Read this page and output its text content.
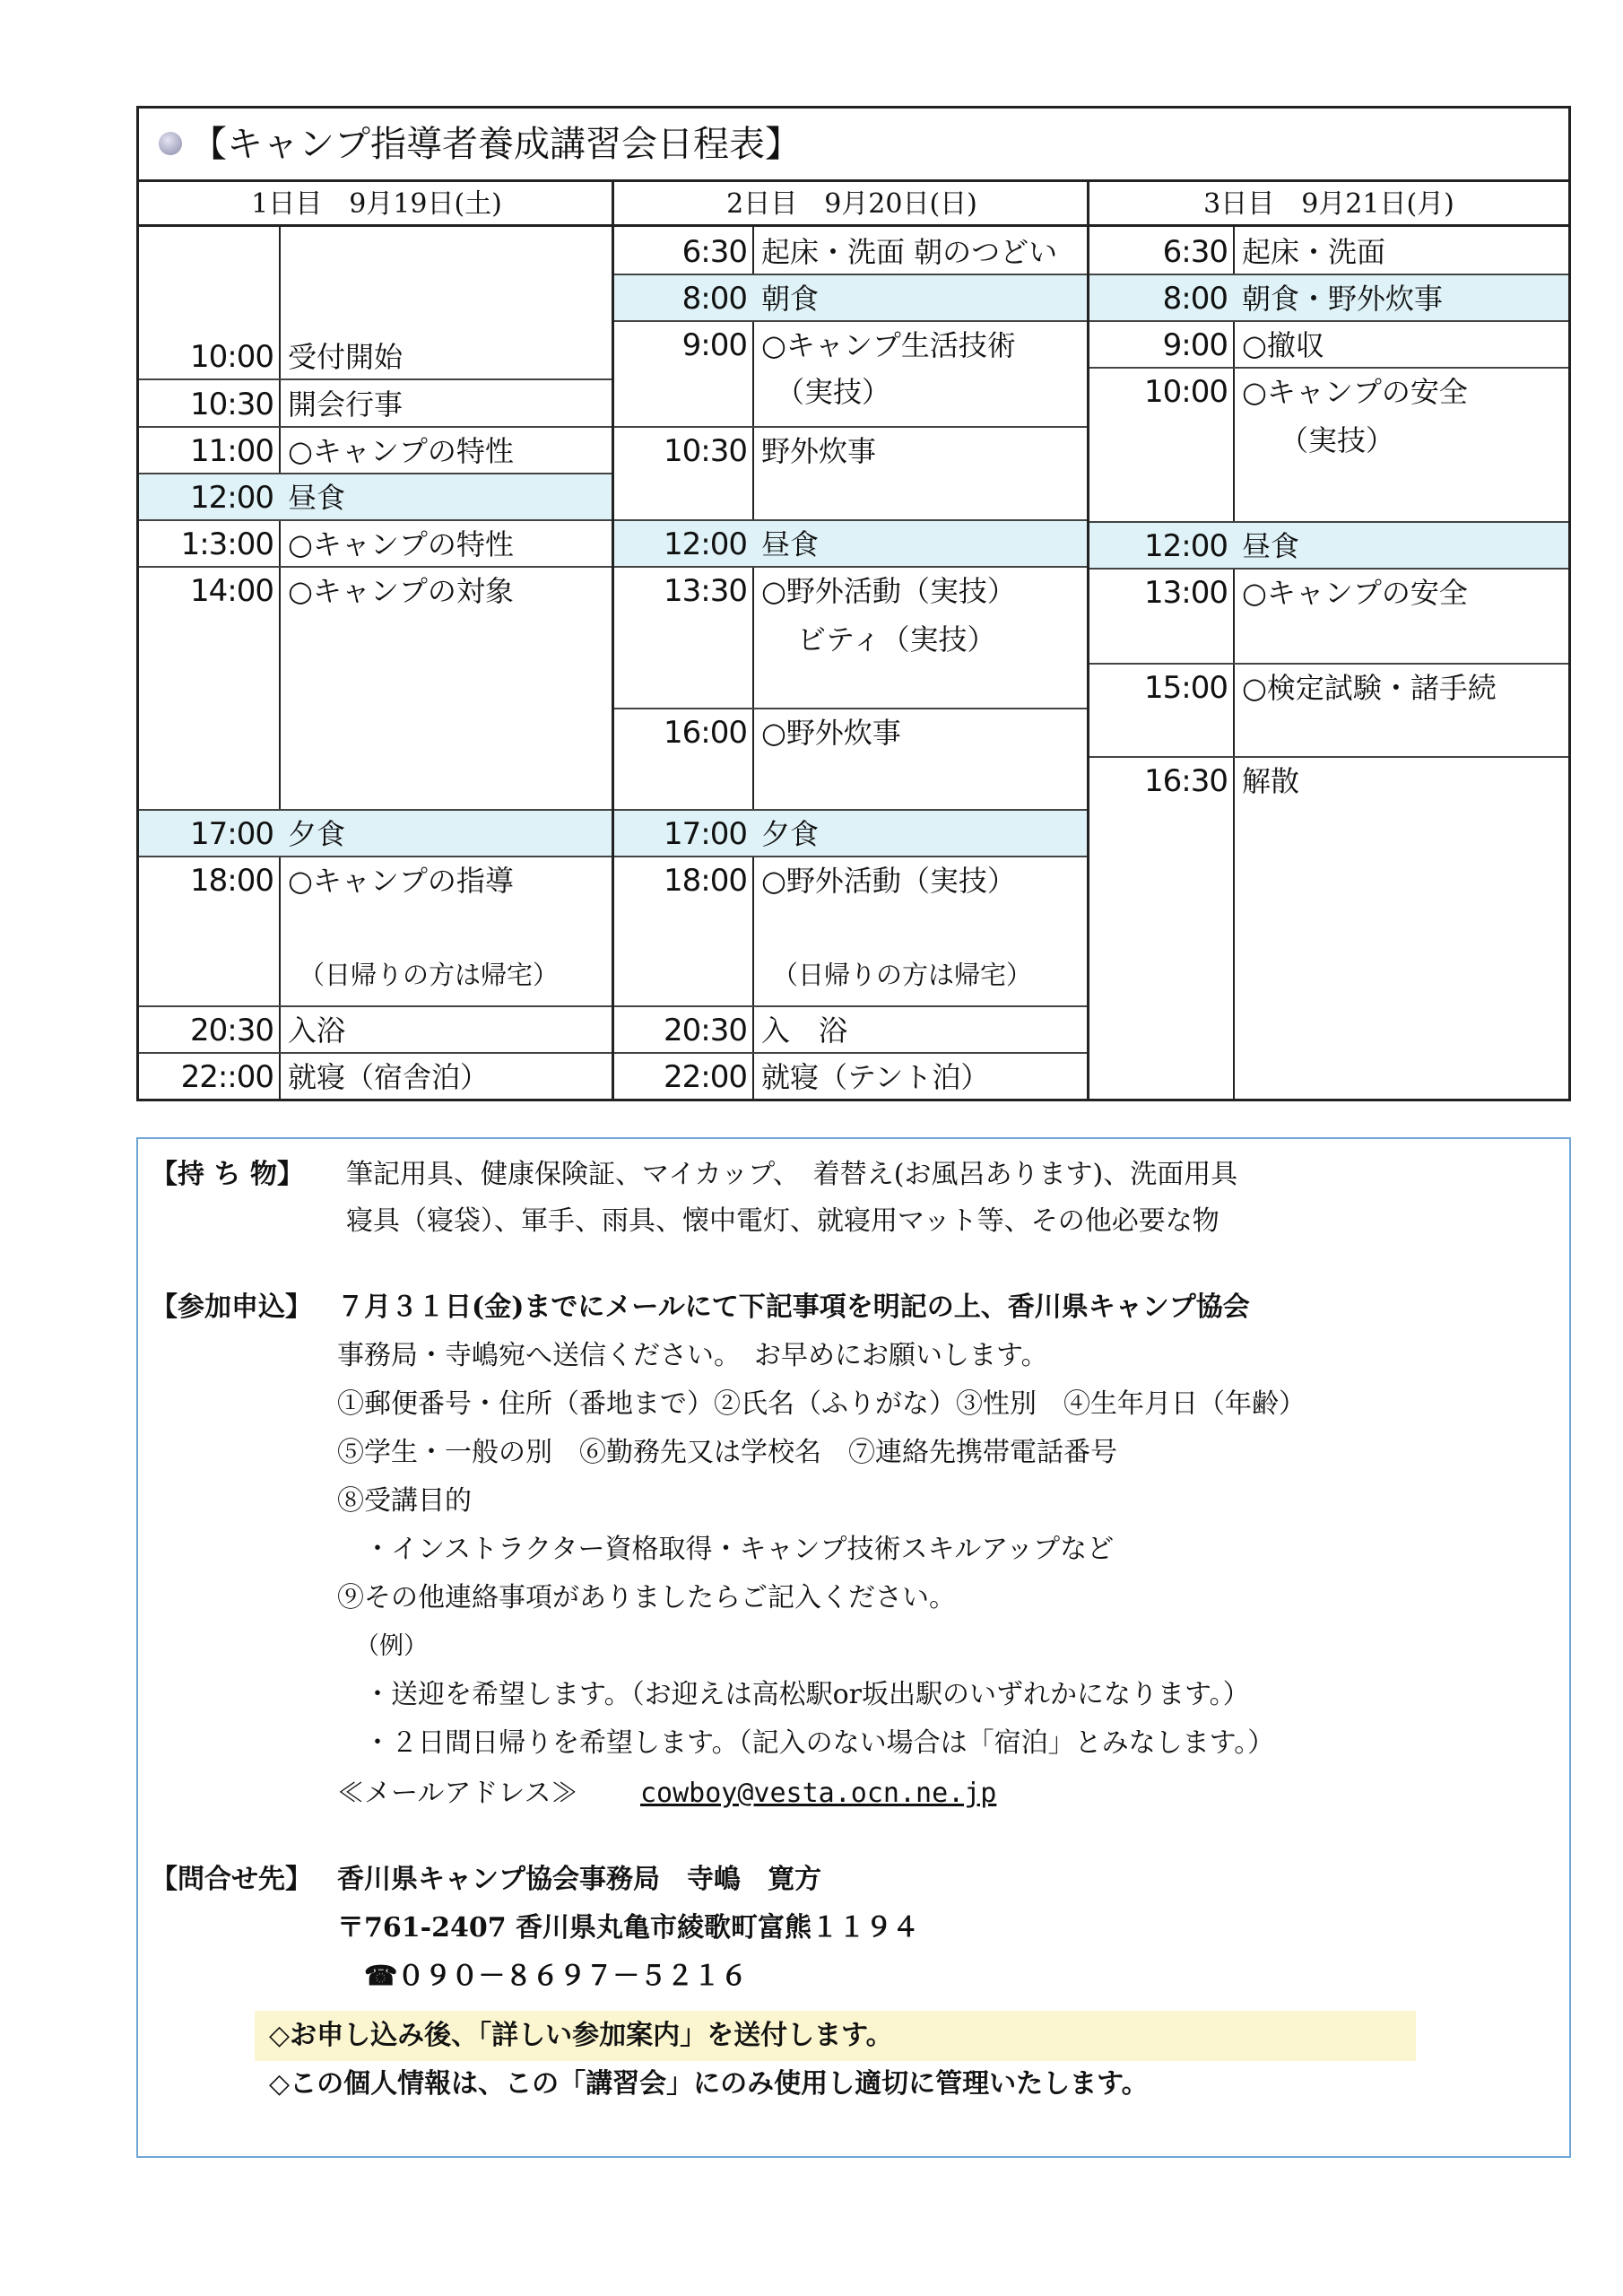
【キャンプ指導者養成講習会日程表】
1日目　9月19日(土)
10:00 受付開始
10:30 開会行事
11:00 ○キャンプの特性
12:00 昼食
1:3:00 ○キャンプの特性
14:00 ○キャンプの対象
17:00 夕食
18:00 ○キャンプの指導
（日帰りの方は帰宅）
20:30 入浴
22::00 就寝（宿舎泊）
2日目　9月20日(日)
6:30 起床・洗面 朝のつどい
8:00 朝食
9:00 ○キャンプ生活技術
（実技）
10:30 野外炊事
12:00 昼食
13:30 ○野外活動（実技）
ビティ（実技）
16:00 ○野外炊事
17:00 夕食
18:00 ○野外活動（実技）
（日帰りの方は帰宅）
20:30 入　浴
22:00 就寝（テント泊）
3日目　9月21日(月)
6:30 起床・洗面
8:00 朝食・野外炊事
9:00 ○撤収
10:00 ○キャンプの安全
（実技）
12:00 昼食
13:00 ○キャンプの安全
15:00 ○検定試験・諸手続
16:30 解散
【持 ち 物】 筆記用具、健康保険証、マイカップ、　着替え(お風呂あります)、洗面用具
寝具（寝袋）、軍手、雨具、懐中電灯、就寝用マット等、その他必要な物
【参加申込】 ７月３１日(金)までにメールにて下記事項を明記の上、香川県キャンプ協会
事務局・寺嶋宛へ送信ください。　お早めにお願いします。
①郵便番号・住所（番地まで）②氏名（ふりがな）③性別　④生年月日（年齢）
⑤学生・一般の別　⑥勤務先又は学校名　⑦連絡先携帯電話番号
⑧受講目的
・インストラクター資格取得・キャンプ技術スキルアップなど
⑨その他連絡事項がありましたらご記入ください。
（例）
・送迎を希望します。（お迎えは高松駅or坂出駅のいずれかになります。）
・２日間日帰りを希望します。（記入のない場合は「宿泊」とみなします。）
≪メールアドレス≫ cowboy@vesta.ocn.ne.jp
【問合せ先】 香川県キャンプ協会事務局　寺嶋　寛方
〒761-2407 香川県丸亀市綾歌町富熊１１９４
☎０９０－８６９７－５２１６
◇お申し込み後、「詳しい参加案内」を送付します。
◇この個人情報は、この「講習会」にのみ使用し適切に管理いたします。
